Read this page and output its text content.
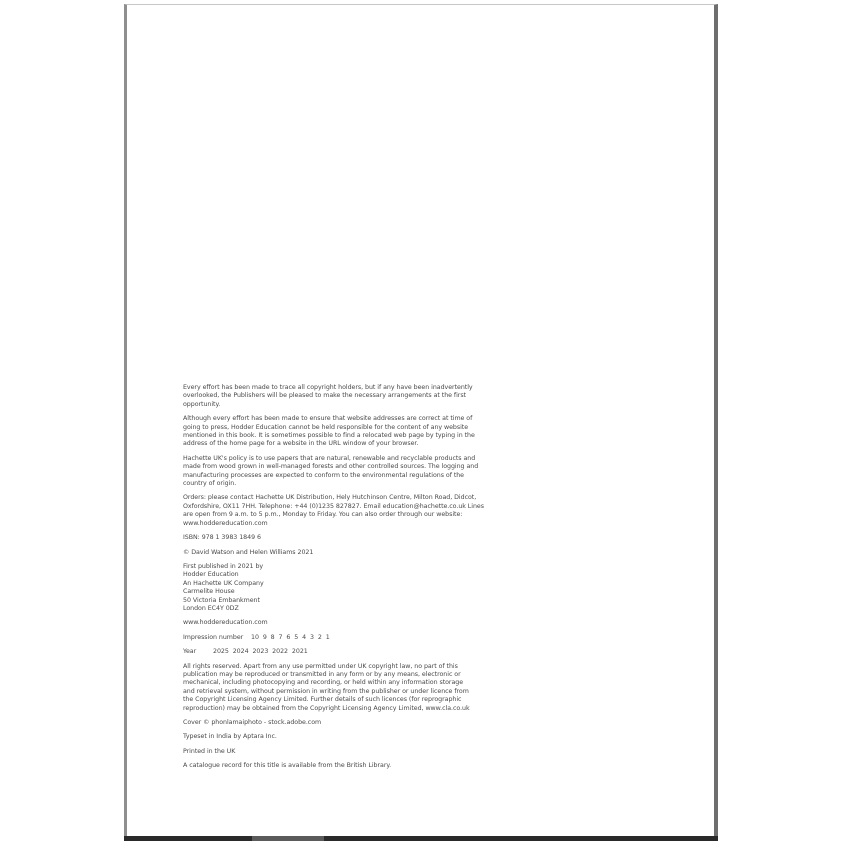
Every effort has been made to trace all copyright holders, but if any have been inadvertently
overlooked, the Publishers will be pleased to make the necessary arrangements at the first
opportunity.

Although every effort has been made to ensure that website addresses are correct at time of
going to press, Hodder Education cannot be held responsible for the content of any website
mentioned in this book. It is sometimes possible to find a relocated web page by typing in the
address of the home page for a website in the URL window of your browser.

Hachette UK's policy is to use papers that are natural, renewable and recyclable products and
made from wood grown in well-managed forests and other controlled sources. The logging and
manufacturing processes are expected to conform to the environmental regulations of the
country of origin.

Orders: please contact Hachette UK Distribution, Hely Hutchinson Centre, Milton Road, Didcot,
Oxfordshire, OX11 7HH. Telephone: +44 (0)1235 827827. Email education@hachette.co.uk Lines
are open from 9 a.m. to 5 p.m., Monday to Friday. You can also order through our website:
www.hoddereducation.com

ISBN: 978 1 3983 1849 6

© David Watson and Helen Williams 2021

First published in 2021 by
Hodder Education
An Hachette UK Company
Carmelite House
50 Victoria Embankment
London EC4Y 0DZ

www.hoddereducation.com

Impression number	10  9  8  7  6  5  4  3  2  1
Year	2025  2024  2023  2022  2021

All rights reserved. Apart from any use permitted under UK copyright law, no part of this
publication may be reproduced or transmitted in any form or by any means, electronic or
mechanical, including photocopying and recording, or held within any information storage
and retrieval system, without permission in writing from the publisher or under licence from
the Copyright Licensing Agency Limited. Further details of such licences (for reprographic
reproduction) may be obtained from the Copyright Licensing Agency Limited, www.cla.co.uk

Cover © phonlamaiphoto - stock.adobe.com

Typeset in India by Aptara Inc.

Printed in the UK

A catalogue record for this title is available from the British Library.
